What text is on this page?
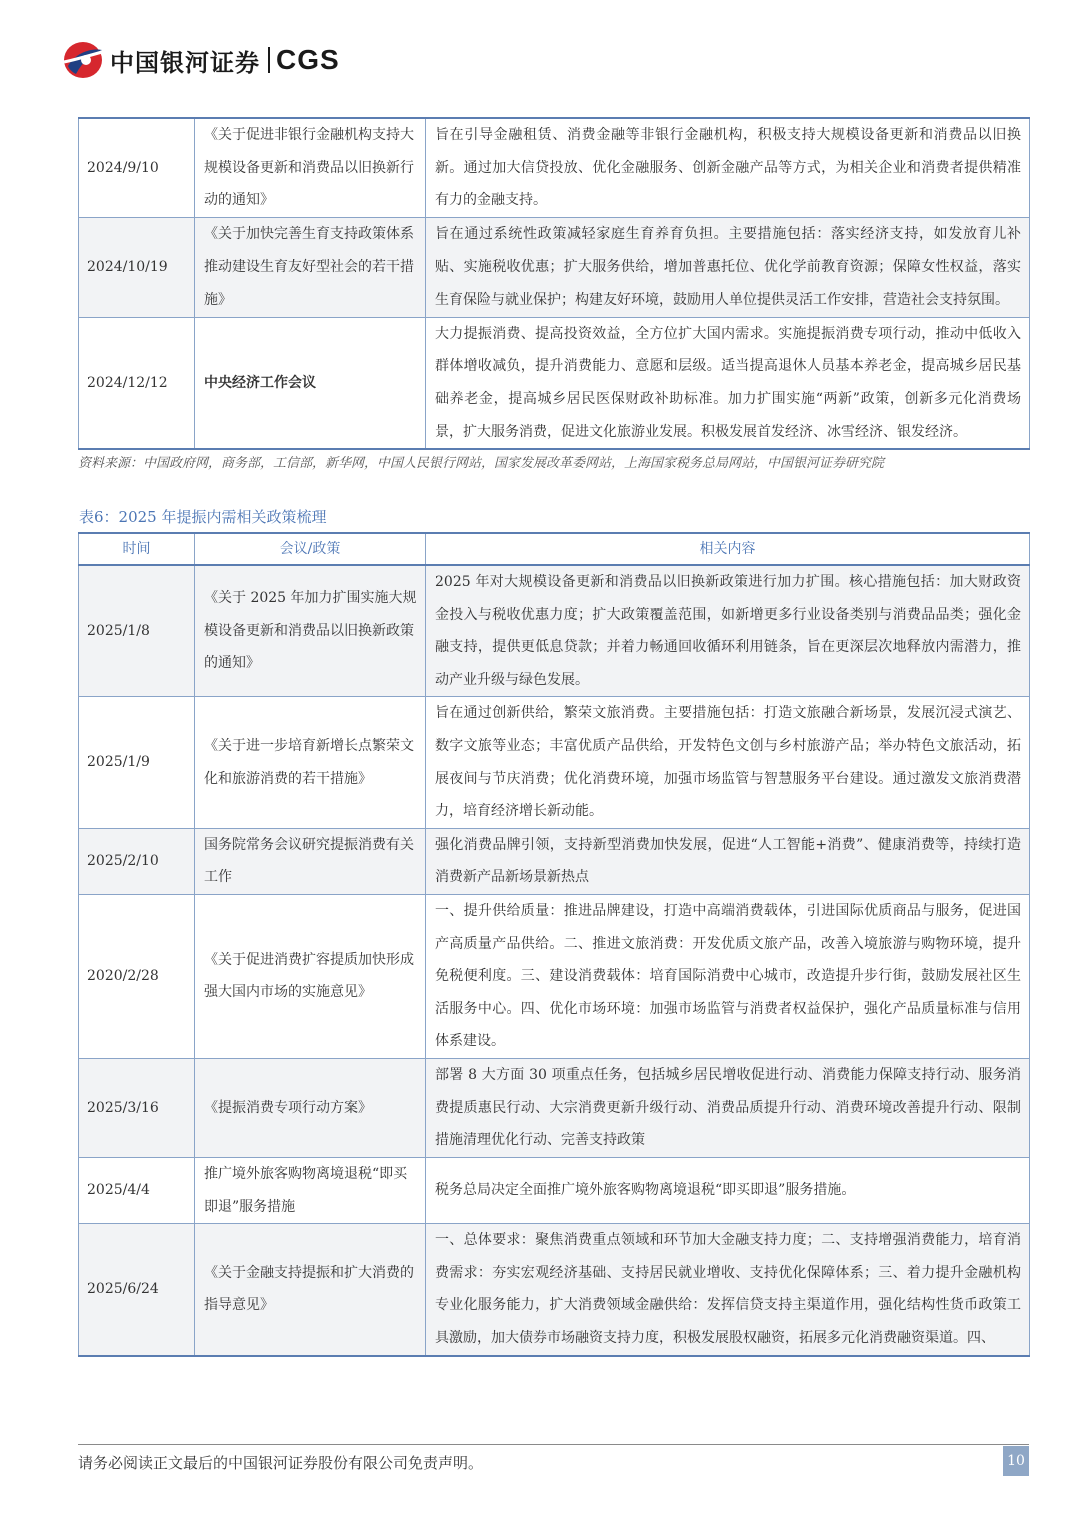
中国银河证券 CGS
2024/9/10	《关于促进非银行金融机构支持大规模设备更新和消费品以旧换新行动的通知》	旨在引导金融租赁、消费金融等非银行金融机构，积极支持大规模设备更新和消费品以旧换新。通过加大信贷投放、优化金融服务、创新金融产品等方式，为相关企业和消费者提供精准有力的金融支持。
2024/10/19	《关于加快完善生育支持政策体系推动建设生育友好型社会的若干措施》	旨在通过系统性政策减轻家庭生育养育负担。主要措施包括：落实经济支持，如发放育儿补贴、实施税收优惠；扩大服务供给，增加普惠托位、优化学前教育资源；保障女性权益，落实生育保险与就业保护；构建友好环境，鼓励用人单位提供灵活工作安排，营造社会支持氛围。
2024/12/12	中央经济工作会议	大力提振消费、提高投资效益，全方位扩大国内需求。实施提振消费专项行动，推动中低收入群体增收减负，提升消费能力、意愿和层级。适当提高退休人员基本养老金，提高城乡居民基础养老金，提高城乡居民医保财政补助标准。加力扩围实施“两新”政策，创新多元化消费场景，扩大服务消费，促进文化旅游业发展。积极发展首发经济、冰雪经济、银发经济。
资料来源：中国政府网，商务部，工信部，新华网，中国人民银行网站，国家发展改革委网站，上海国家税务总局网站，中国银河证券研究院
表6：2025 年提振内需相关政策梳理
时间	会议/政策	相关内容
2025/1/8	《关于 2025 年加力扩围实施大规模设备更新和消费品以旧换新政策的通知》	2025 年对大规模设备更新和消费品以旧换新政策进行加力扩围。核心措施包括：加大财政资金投入与税收优惠力度；扩大政策覆盖范围，如新增更多行业设备类别与消费品品类；强化金融支持，提供更低息贷款；并着力畅通回收循环利用链条，旨在更深层次地释放内需潜力，推动产业升级与绿色发展。
2025/1/9	《关于进一步培育新增长点繁荣文化和旅游消费的若干措施》	旨在通过创新供给，繁荣文旅消费。主要措施包括：打造文旅融合新场景，发展沉浸式演艺、数字文旅等业态；丰富优质产品供给，开发特色文创与乡村旅游产品；举办特色文旅活动，拓展夜间与节庆消费；优化消费环境，加强市场监管与智慧服务平台建设。通过激发文旅消费潜力，培育经济增长新动能。
2025/2/10	国务院常务会议研究提振消费有关工作	强化消费品牌引领，支持新型消费加快发展，促进“人工智能+消费”、健康消费等，持续打造消费新产品新场景新热点
2020/2/28	《关于促进消费扩容提质加快形成强大国内市场的实施意见》	一、提升供给质量：推进品牌建设，打造中高端消费载体，引进国际优质商品与服务，促进国产高质量产品供给。二、推进文旅消费：开发优质文旅产品，改善入境旅游与购物环境，提升免税便利度。三、建设消费载体：培育国际消费中心城市，改造提升步行街，鼓励发展社区生活服务中心。四、优化市场环境：加强市场监管与消费者权益保护，强化产品质量标准与信用体系建设。
2025/3/16	《提振消费专项行动方案》	部署 8 大方面 30 项重点任务，包括城乡居民增收促进行动、消费能力保障支持行动、服务消费提质惠民行动、大宗消费更新升级行动、消费品质提升行动、消费环境改善提升行动、限制措施清理优化行动、完善支持政策
2025/4/4	推广境外旅客购物离境退税“即买即退”服务措施	税务总局决定全面推广境外旅客购物离境退税“即买即退”服务措施。
2025/6/24	《关于金融支持提振和扩大消费的指导意见》	一、总体要求：聚焦消费重点领域和环节加大金融支持力度；二、支持增强消费能力，培育消费需求：夯实宏观经济基础、支持居民就业增收、支持优化保障体系；三、着力提升金融机构专业化服务能力，扩大消费领域金融供给：发挥信贷支持主渠道作用，强化结构性货币政策工具激励，加大债券市场融资支持力度，积极发展股权融资，拓展多元化消费融资渠道。四、
请务必阅读正文最后的中国银河证券股份有限公司免责声明。	10
